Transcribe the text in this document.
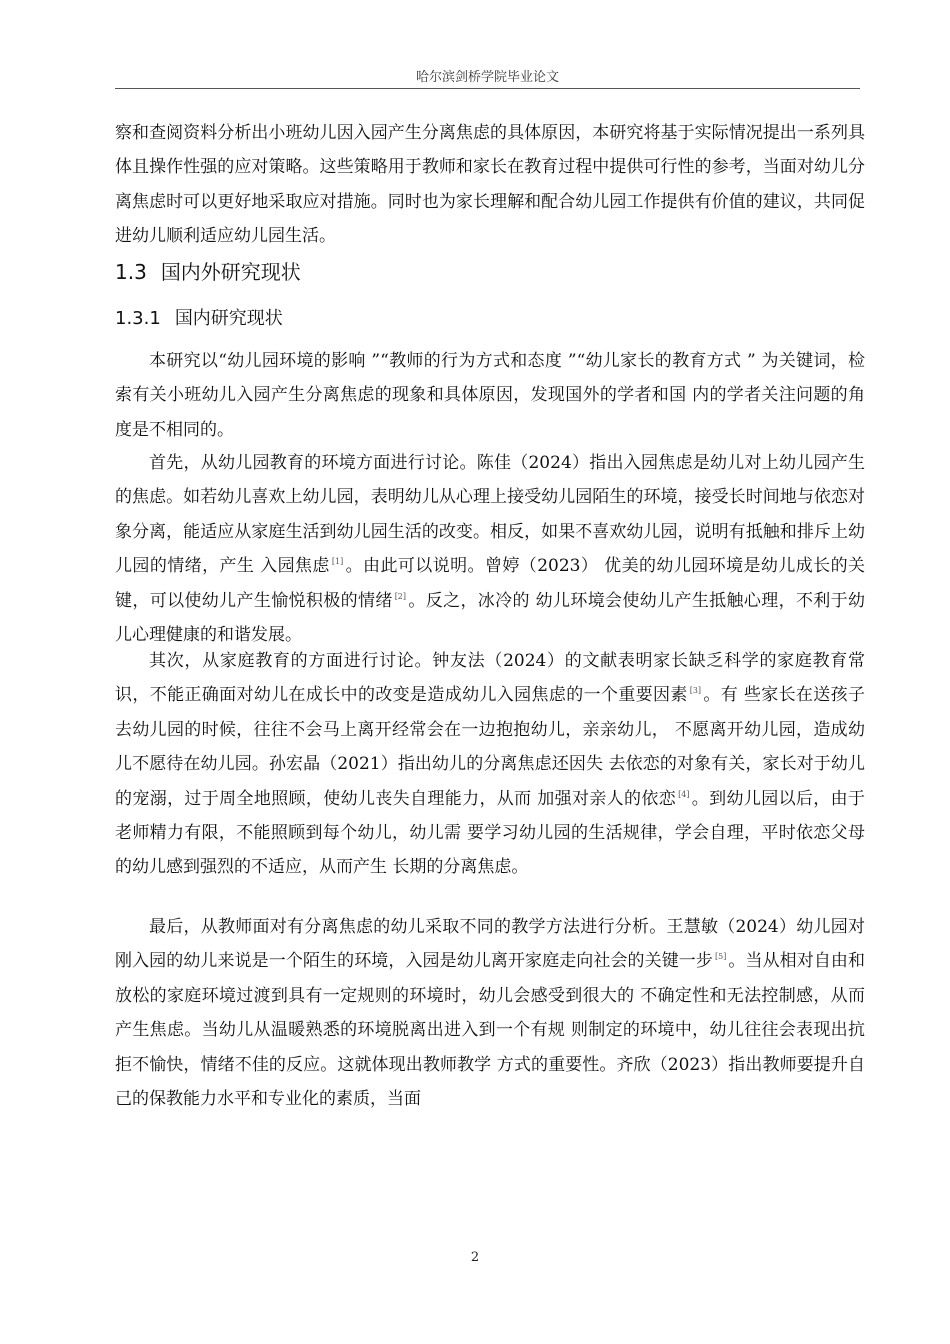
哈尔滨剑桥学院毕业论文

察和查阅资料分析出小班幼儿因入园产生分离焦虑的具体原因，本研究将基于实际情况提出一系列具体且操作性强的应对策略。这些策略用于教师和家长在教育过程中提供可行性的参考，当面对幼儿分离焦虑时可以更好地采取应对措施。同时也为家长理解和配合幼儿园工作提供有价值的建议，共同促进幼儿顺利适应幼儿园生活。

1.3 国内外研究现状
1.3.1 国内研究现状

本研究以“幼儿园环境的影响 ”“教师的行为方式和态度 ”“幼儿家长的教育方式 ” 为关键词，检索有关小班幼儿入园产生分离焦虑的现象和具体原因，发现国外的学者和国 内的学者关注问题的角度是不相同的。

首先，从幼儿园教育的环境方面进行讨论。陈佳（2024）指出入园焦虑是幼儿对上幼儿园产生的焦虑。如若幼儿喜欢上幼儿园，表明幼儿从心理上接受幼儿园陌生的环境，接受长时间地与依恋对象分离，能适应从家庭生活到幼儿园生活的改变。相反，如果不喜欢幼儿园，说明有抵触和排斥上幼儿园的情绪，产生 入园焦虑 [1] 。由此可以说明。曾婷（2023） 优美的幼儿园环境是幼儿成长的关键，可以使幼儿产生愉悦积极的情绪 [2] 。反之，冰冷的 幼儿环境会使幼儿产生抵触心理，不利于幼儿心理健康的和谐发展。

其次，从家庭教育的方面进行讨论。钟友法（2024）的文献表明家长缺乏科学的家庭教育常识，不能正确面对幼儿在成长中的改变是造成幼儿入园焦虑的一个重要因素 [3] 。有 些家长在送孩子去幼儿园的时候，往往不会马上离开经常会在一边抱抱幼儿，亲亲幼儿， 不愿离开幼儿园，造成幼儿不愿待在幼儿园。孙宏晶（2021）指出幼儿的分离焦虑还因失 去依恋的对象有关，家长对于幼儿的宠溺，过于周全地照顾，使幼儿丧失自理能力，从而 加强对亲人的依恋 [4] 。到幼儿园以后，由于老师精力有限，不能照顾到每个幼儿，幼儿需 要学习幼儿园的生活规律，学会自理，平时依恋父母的幼儿感到强烈的不适应，从而产生 长期的分离焦虑。

最后，从教师面对有分离焦虑的幼儿采取不同的教学方法进行分析。王慧敏（2024）幼儿园对刚入园的幼儿来说是一个陌生的环境，入园是幼儿离开家庭走向社会的关键一步 [5] 。当从相对自由和放松的家庭环境过渡到具有一定规则的环境时，幼儿会感受到很大的 不确定性和无法控制感，从而产生焦虑。当幼儿从温暖熟悉的环境脱离出进入到一个有规 则制定的环境中，幼儿往往会表现出抗拒不愉快，情绪不佳的反应。这就体现出教师教学 方式的重要性。齐欣（2023）指出教师要提升自己的保教能力水平和专业化的素质，当面

2
